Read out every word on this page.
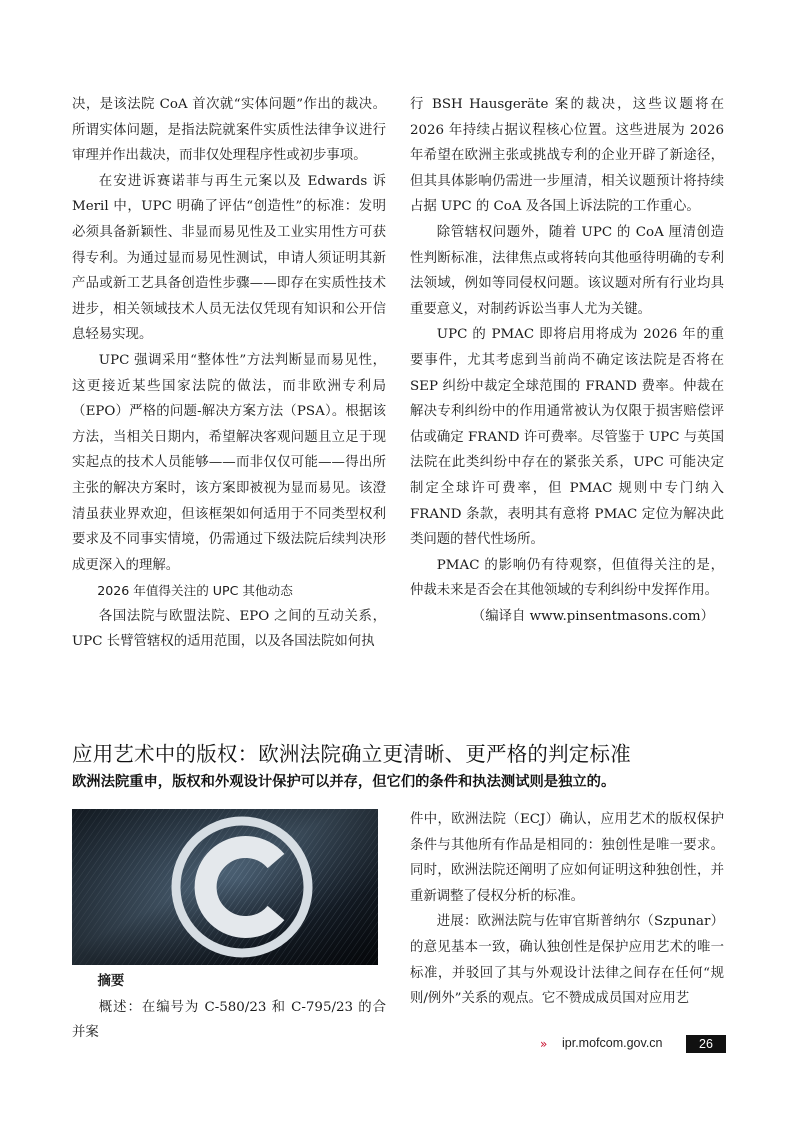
决，是该法院 CoA 首次就“实体问题”作出的裁决。所谓实体问题，是指法院就案件实质性法律争议进行审理并作出裁决，而非仅处理程序性或初步事项。

在安进诉赛诺菲与再生元案以及 Edwards 诉 Meril 中，UPC 明确了评估“创造性”的标准：发明必须具备新颖性、非显而易见性及工业实用性方可获得专利。为通过显而易见性测试，申请人须证明其新产品或新工艺具备创造性步骤——即存在实质性技术进步，相关领域技术人员无法仅凭现有知识和公开信息轻易实现。

UPC 强调采用“整体性”方法判断显而易见性，这更接近某些国家法院的做法，而非欧洲专利局（EPO）严格的问题-解决方案方法（PSA）。根据该方法，当相关日期内，希望解决客观问题且立足于现实起点的技术人员能够——而非仅仅可能——得出所主张的解决方案时，该方案即被视为显而易见。该澄清虽获业界欢迎，但该框架如何适用于不同类型权利要求及不同事实情境，仍需通过下级法院后续判决形成更深入的理解。

2026 年值得关注的 UPC 其他动态

各国法院与欧盟法院、EPO 之间的互动关系，UPC 长臂管辖权的适用范围，以及各国法院如何执

行 BSH Hausgeräte 案的裁决，这些议题将在 2026 年持续占据议程核心位置。这些进展为 2026 年希望在欧洲主张或挑战专利的企业开辟了新途径，但其具体影响仍需进一步厘清，相关议题预计将持续占据 UPC 的 CoA 及各国上诉法院的工作重心。

除管辖权问题外，随着 UPC 的 CoA 厘清创造性判断标准，法律焦点或将转向其他亟待明确的专利法领域，例如等同侵权问题。该议题对所有行业均具重要意义，对制药诉讼当事人尤为关键。

UPC 的 PMAC 即将启用将成为 2026 年的重要事件，尤其考虑到当前尚不确定该法院是否将在 SEP 纠纷中裁定全球范围的 FRAND 费率。仲裁在解决专利纠纷中的作用通常被认为仅限于损害赔偿评估或确定 FRAND 许可费率。尽管鉴于 UPC 与英国法院在此类纠纷中存在的紧张关系，UPC 可能决定制定全球许可费率，但 PMAC 规则中专门纳入 FRAND 条款，表明其有意将 PMAC 定位为解决此类问题的替代性场所。

PMAC 的影响仍有待观察，但值得关注的是，仲裁未来是否会在其他领域的专利纠纷中发挥作用。

（编译自 www.pinsentmasons.com）

应用艺术中的版权：欧洲法院确立更清晰、更严格的判定标准
欧洲法院重申，版权和外观设计保护可以并存，但它们的条件和执法测试则是独立的。

摘要

概述：在编号为 C-580/23 和 C-795/23 的合并案

件中，欧洲法院（ECJ）确认，应用艺术的版权保护条件与其他所有作品是相同的：独创性是唯一要求。同时，欧洲法院还阐明了应如何证明这种独创性，并重新调整了侵权分析的标准。

进展：欧洲法院与佐审官斯普纳尔（Szpunar）的意见基本一致，确认独创性是保护应用艺术的唯一标准，并驳回了其与外观设计法律之间存在任何“规则/例外”关系的观点。它不赞成成员国对应用艺

» ipr.mofcom.gov.cn	26
